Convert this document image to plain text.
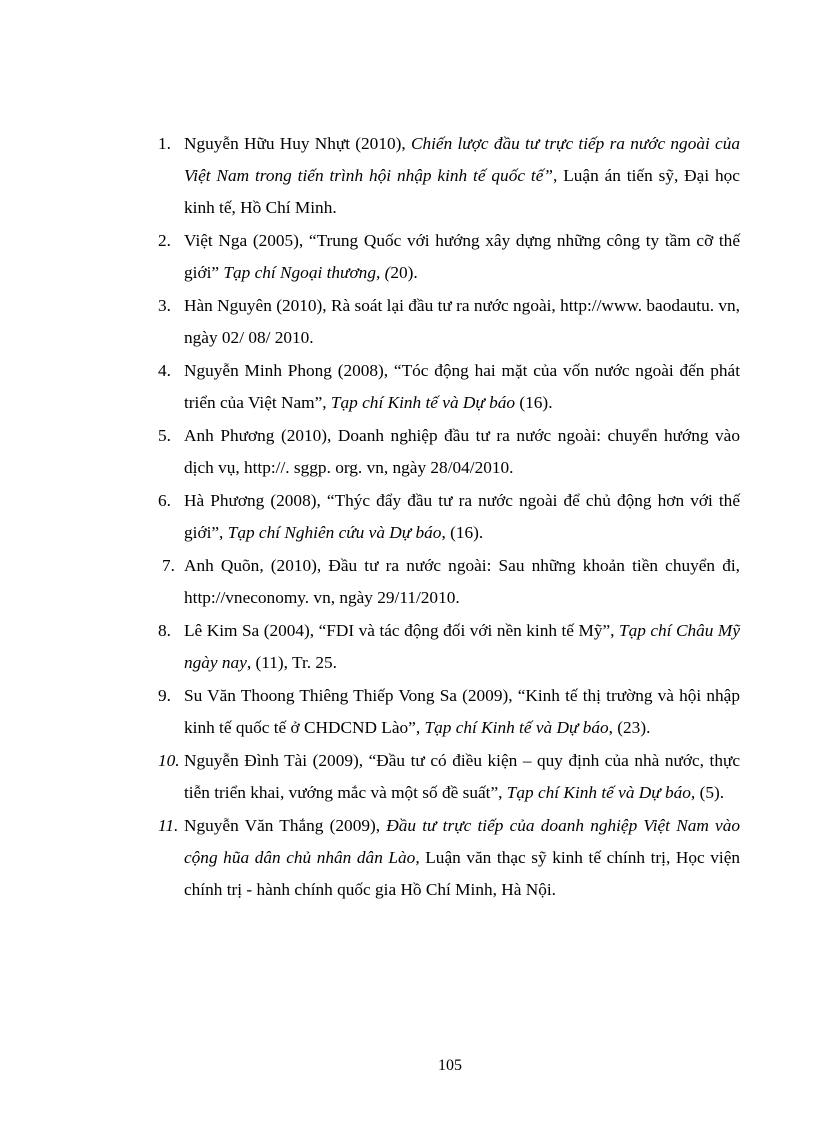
1. Nguyễn Hữu Huy Nhựt (2010), Chiến lược đầu tư trực tiếp ra nước ngoài của Việt Nam trong tiến trình hội nhập kinh tế quốc tế”, Luận án tiến sỹ, Đại học kinh tế, Hồ Chí Minh.
2. Việt Nga (2005), “Trung Quốc với hướng xây dựng những công ty tầm cỡ thế giới” Tạp chí Ngoại thương, (20).
3. Hàn Nguyên (2010), Rà soát lại đầu tư ra nước ngoài, http://www. baodautu. vn, ngày 02/ 08/ 2010.
4. Nguyễn Minh Phong (2008), “Tóc động hai mặt của vốn nước ngoài đến phát triển của Việt Nam”, Tạp chí Kinh tế và Dự báo (16).
5. Anh Phương (2010), Doanh nghiệp đầu tư ra nước ngoài: chuyển hướng vào dịch vụ, http://. sggp. org. vn, ngày 28/04/2010.
6. Hà Phương (2008), “Thýc đẩy đầu tư ra nước ngoài để chủ động hơn với thế giới”, Tạp chí Nghiên cứu và Dự báo, (16).
7. Anh Quõn, (2010), Đầu tư ra nước ngoài: Sau những khoản tiền chuyển đi, http://vneconomy. vn, ngày 29/11/2010.
8. Lê Kim Sa (2004), “FDI và tác động đối với nền kinh tế Mỹ”, Tạp chí Châu Mỹ ngày nay, (11), Tr. 25.
9. Su Văn Thoong Thiêng Thiếp Vong Sa (2009), “Kinh tế thị trường và hội nhập kinh tế quốc tế ở CHDCND Lào”, Tạp chí Kinh tế và Dự báo, (23).
10. Nguyễn Đình Tài (2009), “Đầu tư có điều kiện – quy định của nhà nước, thực tiễn triển khai, vướng mắc và một số đề suất”, Tạp chí Kinh tế và Dự báo, (5).
11. Nguyễn Văn Thắng (2009), Đầu tư trực tiếp của doanh nghiệp Việt Nam vào cộng hũa dân chủ nhân dân Lào, Luận văn thạc sỹ kinh tế chính trị, Học viện chính trị - hành chính quốc gia Hồ Chí Minh, Hà Nội.
105
